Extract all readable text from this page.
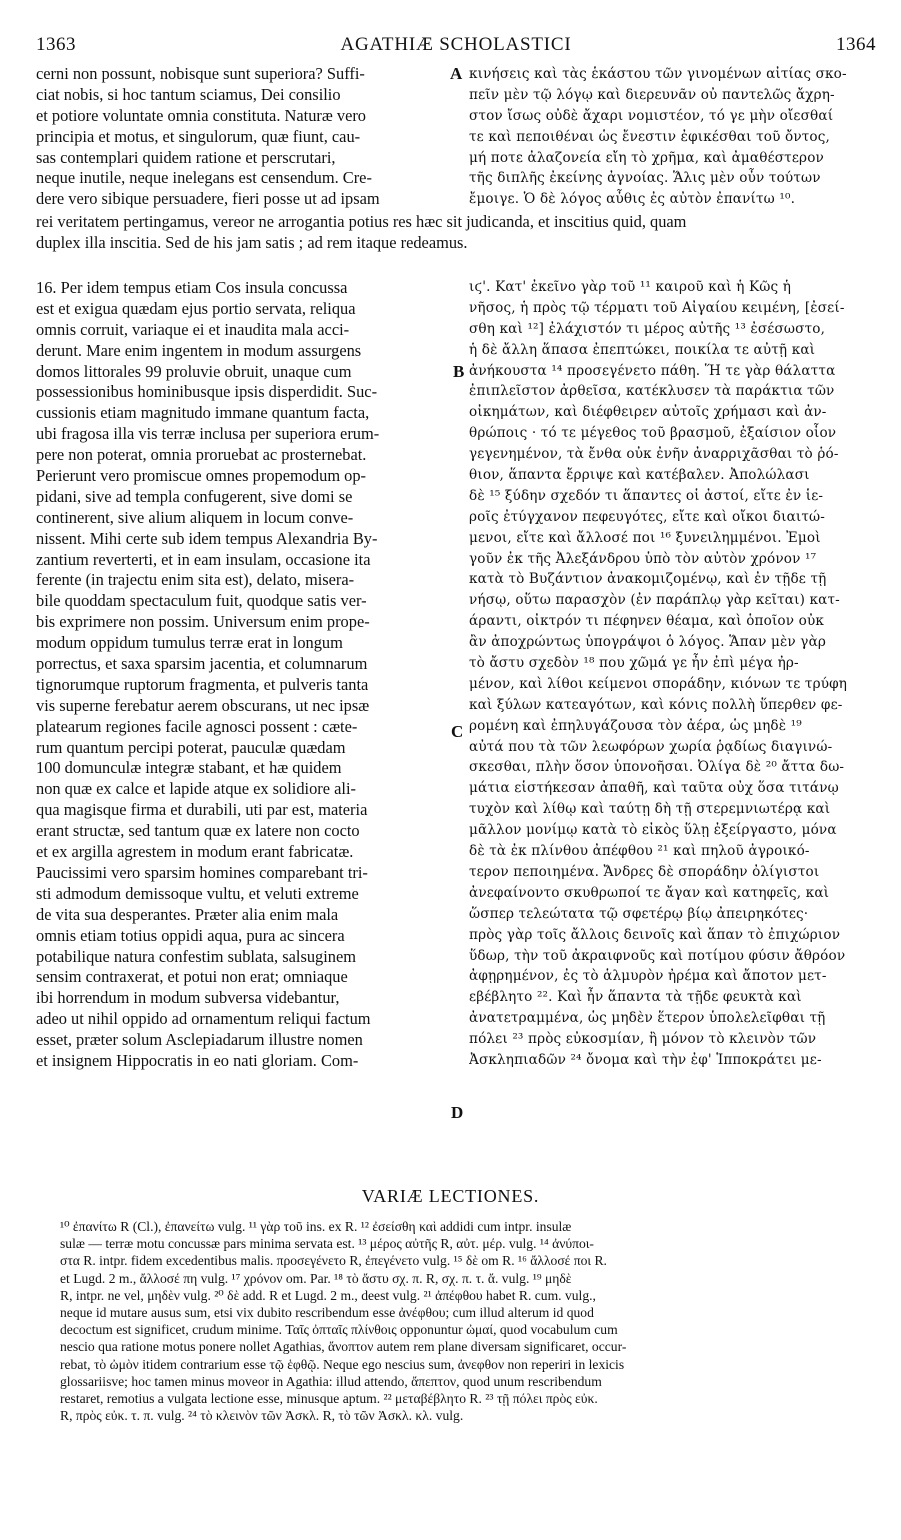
1363	AGATHIÆ SCHOLASTICI	1364
cerni non possunt, nobisque sunt superiora? Suffi-
ciat nobis, si hoc tantum sciamus, Dei consilio
et potiore voluntate omnia constituta. Naturæ vero
principia et motus, et singulorum, quæ fiunt, cau-
sas contemplari quidem ratione et perscrutari,
neque inutile, neque inelegans est censendum. Cre-
dere vero sibique persuadere, fieri posse ut ad ipsam
A κινήσεις καὶ τὰς ἑκάστου τῶν γινομένων αἰτίας σκο-
πεῖν μὲν τῷ λόγῳ καὶ διερευνᾶν οὐ παντελῶς ἄχρη-
στον ἴσως οὐδὲ ἄχαρι νομιστέον, τό γε μὴν οἴεσθαί
τε καὶ πεποιθέναι ὡς ἔνεστιν ἐφικέσθαι τοῦ ὄντος,
μή ποτε ἀλαζονεία εἴη τὸ χρῆμα, καὶ ἀμαθέστερον
τῆς διπλῆς ἐκείνης ἀγνοίας. Ἅλις μὲν οὖν τούτων
ἔμοιγε. Ὁ δὲ λόγος αὖθις ἐς αὐτὸν ἐπανίτω ¹⁰.
rei veritatem pertingamus, vereor ne arrogantia potius res hæc sit judicanda, et inscitius quid, quam
duplex illa inscitia. Sed de his jam satis ; ad rem itaque redeamus.
16. Per idem tempus etiam Cos insula concussa
est et exigua quædam ejus portio servata, reliqua
omnis corruit, variaque ei et inaudita mala acci-
derunt. Mare enim ingentem in modum assurgens
domos littorales 99 proluvie obruit, unaque cum
possessionibus hominibusque ipsis disperdidit. Suc-
cussionis etiam magnitudo immane quantum facta,
ubi fragosa illa vis terræ inclusa per superiora erum-
pere non poterat, omnia proruebat ac prosternebat.
Perierunt vero promiscue omnes propemodum op-
pidani, sive ad templa confugerent, sive domi se
continerent, sive alium aliquem in locum conve-
nissent. Mihi certe sub idem tempus Alexandria By-
zantium reverterti, et in eam insulam, occasione ita
ferente (in trajectu enim sita est), delato, misera-
bile quoddam spectaculum fuit, quodque satis ver-
bis exprimere non possim. Universum enim prope-
modum oppidum tumulus terræ erat in longum
porrectus, et saxa sparsim jacentia, et columnarum
tignorumque ruptorum fragmenta, et pulveris tanta
vis superne ferebatur aerem obscurans, ut nec ipsæ
platearum regiones facile agnosci possent : cæte-
rum quantum percipi poterat, pauculæ quædam
100 domunculæ integræ stabant, et hæ quidem
non quæ ex calce et lapide atque ex solidiore ali-
qua magisque firma et durabili, uti par est, materia
erant structæ, sed tantum quæ ex latere non cocto
et ex argilla agrestem in modum erant fabricatæ.
Paucissimi vero sparsim homines comparebant tri-
sti admodum demissoque vultu, et veluti extreme
de vita sua desperantes. Præter alia enim mala
omnis etiam totius oppidi aqua, pura ac sincera
potabilique natura confestim sublata, salsuginem
sensim contraxerat, et potui non erat; omniaque
ibi horrendum in modum subversa videbantur,
adeo ut nihil oppido ad ornamentum reliqui factum
esset, præter solum Asclepiadarum illustre nomen
et insignem Hippocratis in eo nati gloriam. Com-
B
C
D
ιϛ'. Κατ' ἐκεῖνο γὰρ τοῦ ¹¹ καιροῦ καὶ ἡ Κῶς ἡ
νῆσος, ἡ πρὸς τῷ τέρματι τοῦ Αἰγαίου κειμένη, [ἐσεί-
σθη καὶ ¹²] ἐλάχιστόν τι μέρος αὐτῆς ¹³ ἐσέσωστο,
ἡ δὲ ἄλλη ἅπασα ἐπεπτώκει, ποικίλα τε αὐτῇ καὶ
ἀνήκουστα ¹⁴ προσεγένετο πάθη. Ἥ τε γὰρ θάλαττα
ἐπιπλεῖστον ἀρθεῖσα, κατέκλυσεν τὰ παράκτια τῶν
οἰκημάτων, καὶ διέφθειρεν αὐτοῖς χρήμασι καὶ ἀν-
θρώποις · τό τε μέγεθος τοῦ βρασμοῦ, ἐξαίσιον οἷον
γεγενημένον, τὰ ἔνθα οὐκ ἐνῆν ἀναρριχᾶσθαι τὸ ῥό-
θιον, ἅπαντα ἔρριψε καὶ κατέβαλεν. Ἀπολώλασι
δὲ ¹⁵ ξύδην σχεδόν τι ἅπαντες οἱ ἀστοί, εἴτε ἐν ἱε-
ροῖς ἐτύγχανον πεφευγότες, εἴτε καὶ οἴκοι διαιτώ-
μενοι, εἴτε καὶ ἄλλοσέ ποι ¹⁶ ξυνειλημμένοι. Ἐμοὶ
γοῦν ἐκ τῆς Ἀλεξάνδρου ὑπὸ τὸν αὐτὸν χρόνον ¹⁷
κατὰ τὸ Βυζάντιον ἀνακομιζομένῳ, καὶ ἐν τῇδε τῇ
νήσῳ, οὕτω παρασχὸν (ἐν παράπλῳ γὰρ κεῖται) κατ-
άραντι, οἰκτρόν τι πέφηνεν θέαμα, καὶ ὁποῖον οὐκ
ἂν ἀποχρώντως ὑπογράψοι ὁ λόγος. Ἅπαν μὲν γὰρ
τὸ ἄστυ σχεδὸν ¹⁸ που χῶμά γε ἦν ἐπὶ μέγα ἠρ-
μένον, καὶ λίθοι κείμενοι σποράδην, κιόνων τε τρύφη
καὶ ξύλων κατεαγότων, καὶ κόνις πολλὴ ὕπερθεν φε-
ρομένη καὶ ἐπηλυγάζουσα τὸν ἀέρα, ὡς μηδὲ ¹⁹
αὐτά που τὰ τῶν λεωφόρων χωρία ῥᾳδίως διαγινώ-
σκεσθαι, πλὴν ὅσον ὑπονοῆσαι. Ὀλίγα δὲ ²⁰ ἄττα δω-
μάτια εἱστήκεσαν ἀπαθῆ, καὶ ταῦτα οὐχ ὅσα τιτάνῳ
τυχὸν καὶ λίθῳ καὶ ταύτῃ δὴ τῇ στερεμνιωτέρᾳ καὶ
μᾶλλον μονίμῳ κατὰ τὸ εἰκὸς ὕλῃ ἐξείργαστο, μόνα
δὲ τὰ ἐκ πλίνθου ἀπέφθου ²¹ καὶ πηλοῦ ἀγροικό-
τερον πεποιημένα. Ἄνδρες δὲ σποράδην ὀλίγιστοι
ἀνεφαίνοντο σκυθρωποί τε ἄγαν καὶ κατηφεῖς, καὶ
ὥσπερ τελεώτατα τῷ σφετέρῳ βίῳ ἀπειρηκότες·
πρὸς γὰρ τοῖς ἄλλοις δεινοῖς καὶ ἅπαν τὸ ἐπιχώριον
ὕδωρ, τὴν τοῦ ἀκραιφνοῦς καὶ ποτίμου φύσιν ἄθρόον
ἀφῃρημένον, ἐς τὸ ἁλμυρὸν ἠρέμα καὶ ἄποτον μετ-
εβέβλητο ²². Καὶ ἦν ἅπαντα τὰ τῇδε φευκτὰ καὶ
ἀνατετραμμένα, ὡς μηδὲν ἕτερον ὑπολελεῖφθαι τῇ
πόλει ²³ πρὸς εὐκοσμίαν, ἢ μόνον τὸ κλεινὸν τῶν
Ἀσκληπιαδῶν ²⁴ ὄνομα καὶ τὴν ἐφ' Ἱπποκράτει με-
VARIÆ LECTIONES.
¹⁰ ἐπανίτω R (Cl.), ἐπανείτω vulg. ¹¹ γὰρ τοῦ ins. ex R. ¹² ἐσείσθη καὶ addidi cum intpr. insulæ
sulæ — terræ motu concussæ pars minima servata est. ¹³ μέρος αὐτῆς R, αὐτ. μέρ. vulg. ¹⁴ ἀνύποι-
στα R. intpr. fidem excedentibus malis. προσεγένετο R, ἐπεγένετο vulg. ¹⁵ δὲ om R. ¹⁶ ἄλλοσέ ποι R.
et Lugd. 2 m., ἄλλοσέ πη vulg. ¹⁷ χρόνον om. Par. ¹⁸ τὸ ἄστυ σχ. π. R, σχ. π. τ. ἄ. vulg. ¹⁹ μηδὲ
R, intpr. ne vel, μηδὲν vulg. ²⁰ δὲ add. R et Lugd. 2 m., deest vulg. ²¹ ἀπέφθου habet R. cum. vulg.,
neque id mutare ausus sum, etsi vix dubito rescribendum esse ἀνέφθου; cum illud alterum id quod
decoctum est significet, crudum minime. Ταῖς ὀπταῖς πλίνθοις opponuntur ὠμαί, quod vocabulum cum
nescio qua ratione motus ponere nollet Agathias, ἄνοπτον autem rem plane diversam significaret, occur-
rebat, τὸ ὠμὸν itidem contrarium esse τῷ ἑφθῷ. Neque ego nescius sum, ἀνεφθον non reperiri in lexicis
glossariisve; hoc tamen minus moveor in Agathia: illud attendo, ἄπεπτον, quod unum rescribendum
restaret, remotius a vulgata lectione esse, minusque aptum. ²² μεταβέβλητο R. ²³ τῇ πόλει πρὸς εὐκ.
R, πρὸς εὐκ. τ. π. vulg. ²⁴ τὸ κλεινὸν τῶν Ἀσκλ. R, τὸ τῶν Ἀσκλ. κλ. vulg.
